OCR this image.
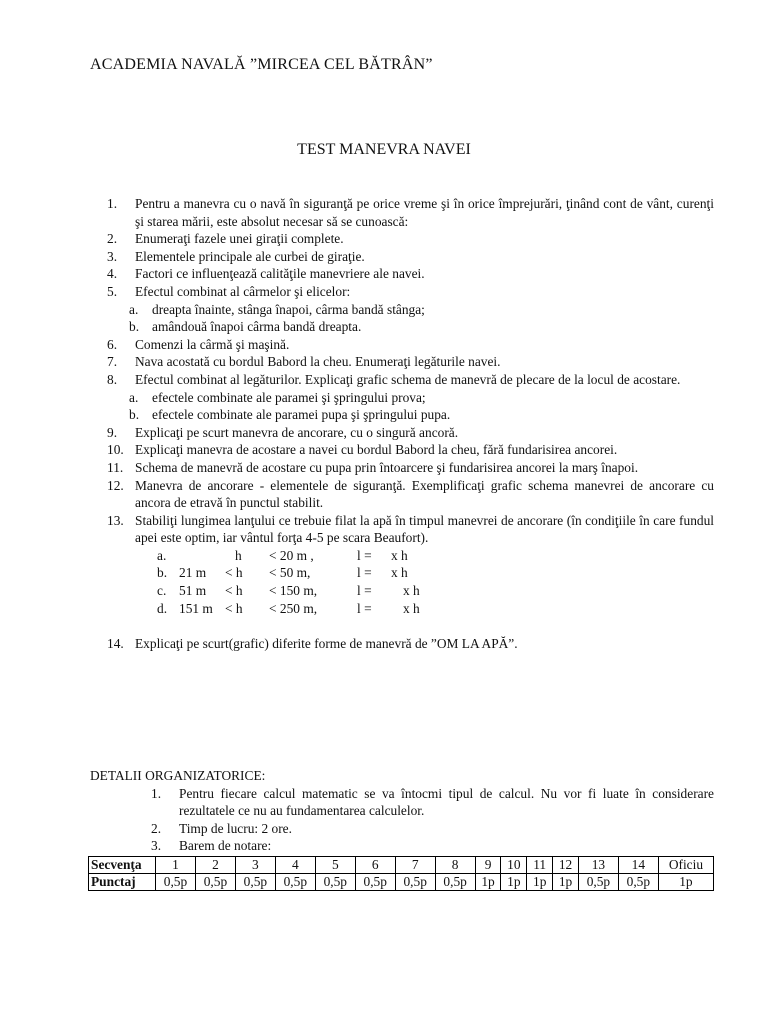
ACADEMIA NAVALĂ ”MIRCEA CEL BĂTRÂN”
TEST MANEVRA NAVEI
1. Pentru a manevra cu o navă în siguranţă pe orice vreme şi în orice împrejurări, ţinând cont de vânt, curenţi şi starea mării, este absolut necesar să se cunoască:
2. Enumeraţi fazele unei giraţii complete.
3. Elementele principale ale curbei de giraţie.
4. Factori ce influenţează calităţile manevriere ale navei.
5. Efectul combinat al cârmelor şi elicelor:
a. dreapta înainte, stânga înapoi, cârma bandă stânga;
b. amândouă înapoi cârma bandă dreapta.
6. Comenzi la cârmă şi maşină.
7. Nava acostată cu bordul Babord la cheu. Enumeraţi legăturile navei.
8. Efectul combinat al legăturilor. Explicaţi grafic schema de manevră de plecare de la locul de acostare.
a. efectele combinate ale paramei şi şpringului prova;
b. efectele combinate ale paramei pupa şi şpringului pupa.
9. Explicaţi pe scurt manevra de ancorare, cu o singură ancoră.
10. Explicaţi manevra de acostare a navei cu bordul Babord la cheu, fără fundarisirea ancorei.
11. Schema de manevră de acostare cu pupa prin întoarcere şi fundarisirea ancorei la marş înapoi.
12. Manevra de ancorare - elementele de siguranţă. Exemplificaţi grafic schema manevrei de ancorare cu ancora de etravă în punctul stabilit.
13. Stabiliţi lungimea lanţului ce trebuie filat la apă în timpul manevrei de ancorare (în condiţiile în care fundul apei este optim, iar vântul forţa 4-5 pe scara Beaufort).
a.	h < 20 m ,	l = x h
b. 21 m < h < 50 m,	l = x h
c. 51 m < h < 150 m,	l = x h
d. 151 m < h < 250 m,	l = x h
14. Explicaţi pe scurt(grafic) diferite forme de manevră de ”OM LA APĂ”.
DETALII ORGANIZATORICE:
1. Pentru fiecare calcul matematic se va întocmi tipul de calcul. Nu vor fi luate în considerare rezultatele ce nu au fundamentarea calculelor.
2. Timp de lucru: 2 ore.
3. Barem de notare:
Secvenţa	1	2	3	4	5	6	7	8	9	10	11	12	13	14	Oficiu
Punctaj	0,5p	0,5p	0,5p	0,5p	0,5p	0,5p	0,5p	0,5p	1p	1p	1p	1p	0,5p	0,5p	1p
